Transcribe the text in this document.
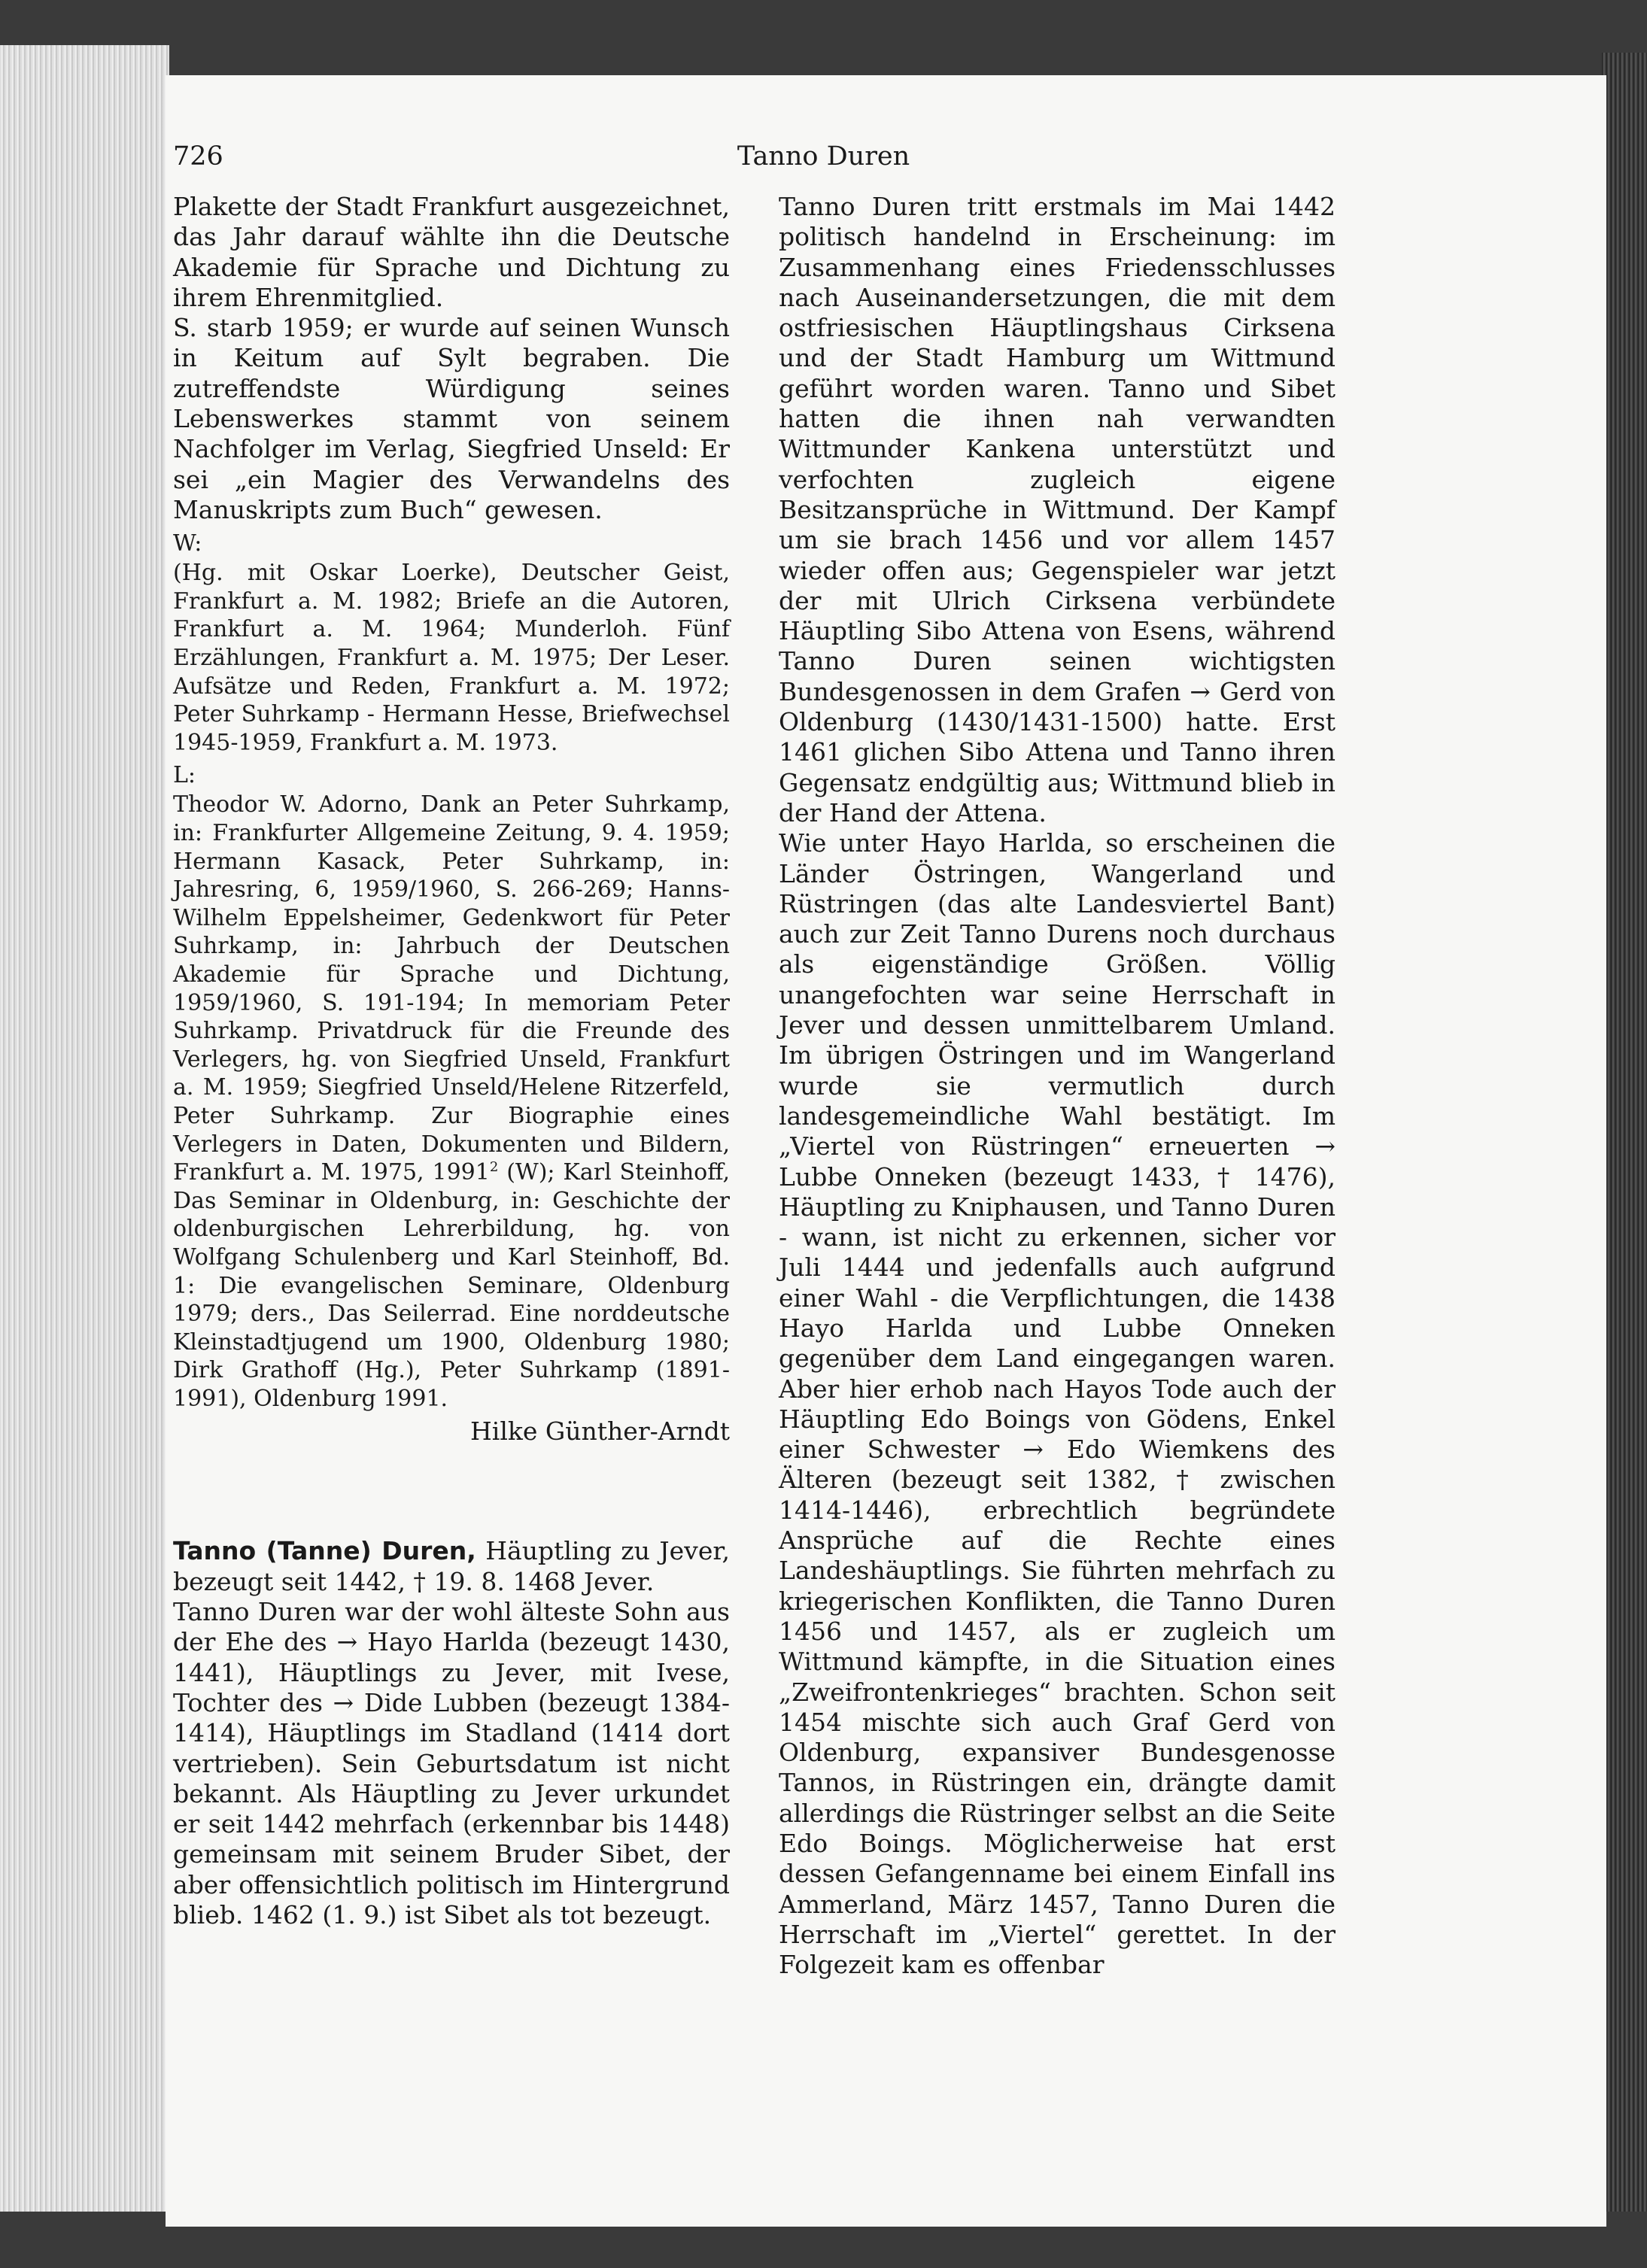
726	Tanno Duren

Plakette der Stadt Frankfurt ausgezeichnet, das Jahr darauf wählte ihn die Deutsche Akademie für Sprache und Dichtung zu ihrem Ehrenmitglied.

S. starb 1959; er wurde auf seinen Wunsch in Keitum auf Sylt begraben. Die zutreffendste Würdigung seines Lebenswerkes stammt von seinem Nachfolger im Verlag, Siegfried Unseld: Er sei „ein Magier des Verwandelns des Manuskripts zum Buch“ gewesen.

W:

(Hg. mit Oskar Loerke), Deutscher Geist, Frankfurt a. M. 1982; Briefe an die Autoren, Frankfurt a. M. 1964; Munderloh. Fünf Erzählungen, Frankfurt a. M. 1975; Der Leser. Aufsätze und Reden, Frankfurt a. M. 1972; Peter Suhrkamp - Hermann Hesse, Briefwechsel 1945-1959, Frankfurt a. M. 1973.

L:

Theodor W. Adorno, Dank an Peter Suhrkamp, in: Frankfurter Allgemeine Zeitung, 9. 4. 1959; Hermann Kasack, Peter Suhrkamp, in: Jahresring, 6, 1959/1960, S. 266-269; Hanns-Wilhelm Eppelsheimer, Gedenkwort für Peter Suhrkamp, in: Jahrbuch der Deutschen Akademie für Sprache und Dichtung, 1959/1960, S. 191-194; In memoriam Peter Suhrkamp. Privatdruck für die Freunde des Verlegers, hg. von Siegfried Unseld, Frankfurt a. M. 1959; Siegfried Unseld/Helene Ritzerfeld, Peter Suhrkamp. Zur Biographie eines Verlegers in Daten, Dokumenten und Bildern, Frankfurt a. M. 1975, 1991$^2$ (W); Karl Steinhoff, Das Seminar in Oldenburg, in: Geschichte der oldenburgischen Lehrerbildung, hg. von Wolfgang Schulenberg und Karl Steinhoff, Bd. 1: Die evangelischen Seminare, Oldenburg 1979; ders., Das Seilerrad. Eine norddeutsche Kleinstadtjugend um 1900, Oldenburg 1980; Dirk Grathoff (Hg.), Peter Suhrkamp (1891-1991), Oldenburg 1991.

Hilke Günther-Arndt

Tanno (Tanne) Duren, Häuptling zu Jever, bezeugt seit 1442, † 19. 8. 1468 Jever.

Tanno Duren war der wohl älteste Sohn aus der Ehe des → Hayo Harlda (bezeugt 1430, 1441), Häuptlings zu Jever, mit Ivese, Tochter des → Dide Lubben (bezeugt 1384-1414), Häuptlings im Stadland (1414 dort vertrieben). Sein Geburtsdatum ist nicht bekannt. Als Häuptling zu Jever urkundet er seit 1442 mehrfach (erkennbar bis 1448) gemeinsam mit seinem Bruder Sibet, der aber offensichtlich politisch im Hintergrund blieb. 1462 (1. 9.) ist Sibet als tot bezeugt.

Tanno Duren tritt erstmals im Mai 1442 politisch handelnd in Erscheinung: im Zusammenhang eines Friedensschlusses nach Auseinandersetzungen, die mit dem ostfriesischen Häuptlingshaus Cirksena und der Stadt Hamburg um Wittmund geführt worden waren. Tanno und Sibet hatten die ihnen nah verwandten Wittmunder Kankena unterstützt und verfochten zugleich eigene Besitzansprüche in Wittmund. Der Kampf um sie brach 1456 und vor allem 1457 wieder offen aus; Gegenspieler war jetzt der mit Ulrich Cirksena verbündete Häuptling Sibo Attena von Esens, während Tanno Duren seinen wichtigsten Bundesgenossen in dem Grafen → Gerd von Oldenburg (1430/1431-1500) hatte. Erst 1461 glichen Sibo Attena und Tanno ihren Gegensatz endgültig aus; Wittmund blieb in der Hand der Attena.

Wie unter Hayo Harlda, so erscheinen die Länder Östringen, Wangerland und Rüstringen (das alte Landesviertel Bant) auch zur Zeit Tanno Durens noch durchaus als eigenständige Größen. Völlig unangefochten war seine Herrschaft in Jever und dessen unmittelbarem Umland. Im übrigen Östringen und im Wangerland wurde sie vermutlich durch landesgemeindliche Wahl bestätigt. Im „Viertel von Rüstringen“ erneuerten → Lubbe Onneken (bezeugt 1433, † 1476), Häuptling zu Kniphausen, und Tanno Duren - wann, ist nicht zu erkennen, sicher vor Juli 1444 und jedenfalls auch aufgrund einer Wahl - die Verpflichtungen, die 1438 Hayo Harlda und Lubbe Onneken gegenüber dem Land eingegangen waren. Aber hier erhob nach Hayos Tode auch der Häuptling Edo Boings von Gödens, Enkel einer Schwester → Edo Wiemkens des Älteren (bezeugt seit 1382, † zwischen 1414-1446), erbrechtlich begründete Ansprüche auf die Rechte eines Landeshäuptlings. Sie führten mehrfach zu kriegerischen Konflikten, die Tanno Duren 1456 und 1457, als er zugleich um Wittmund kämpfte, in die Situation eines „Zweifrontenkrieges“ brachten. Schon seit 1454 mischte sich auch Graf Gerd von Oldenburg, expansiver Bundesgenosse Tannos, in Rüstringen ein, drängte damit allerdings die Rüstringer selbst an die Seite Edo Boings. Möglicherweise hat erst dessen Gefangenname bei einem Einfall ins Ammerland, März 1457, Tanno Duren die Herrschaft im „Viertel“ gerettet. In der Folgezeit kam es offenbar
